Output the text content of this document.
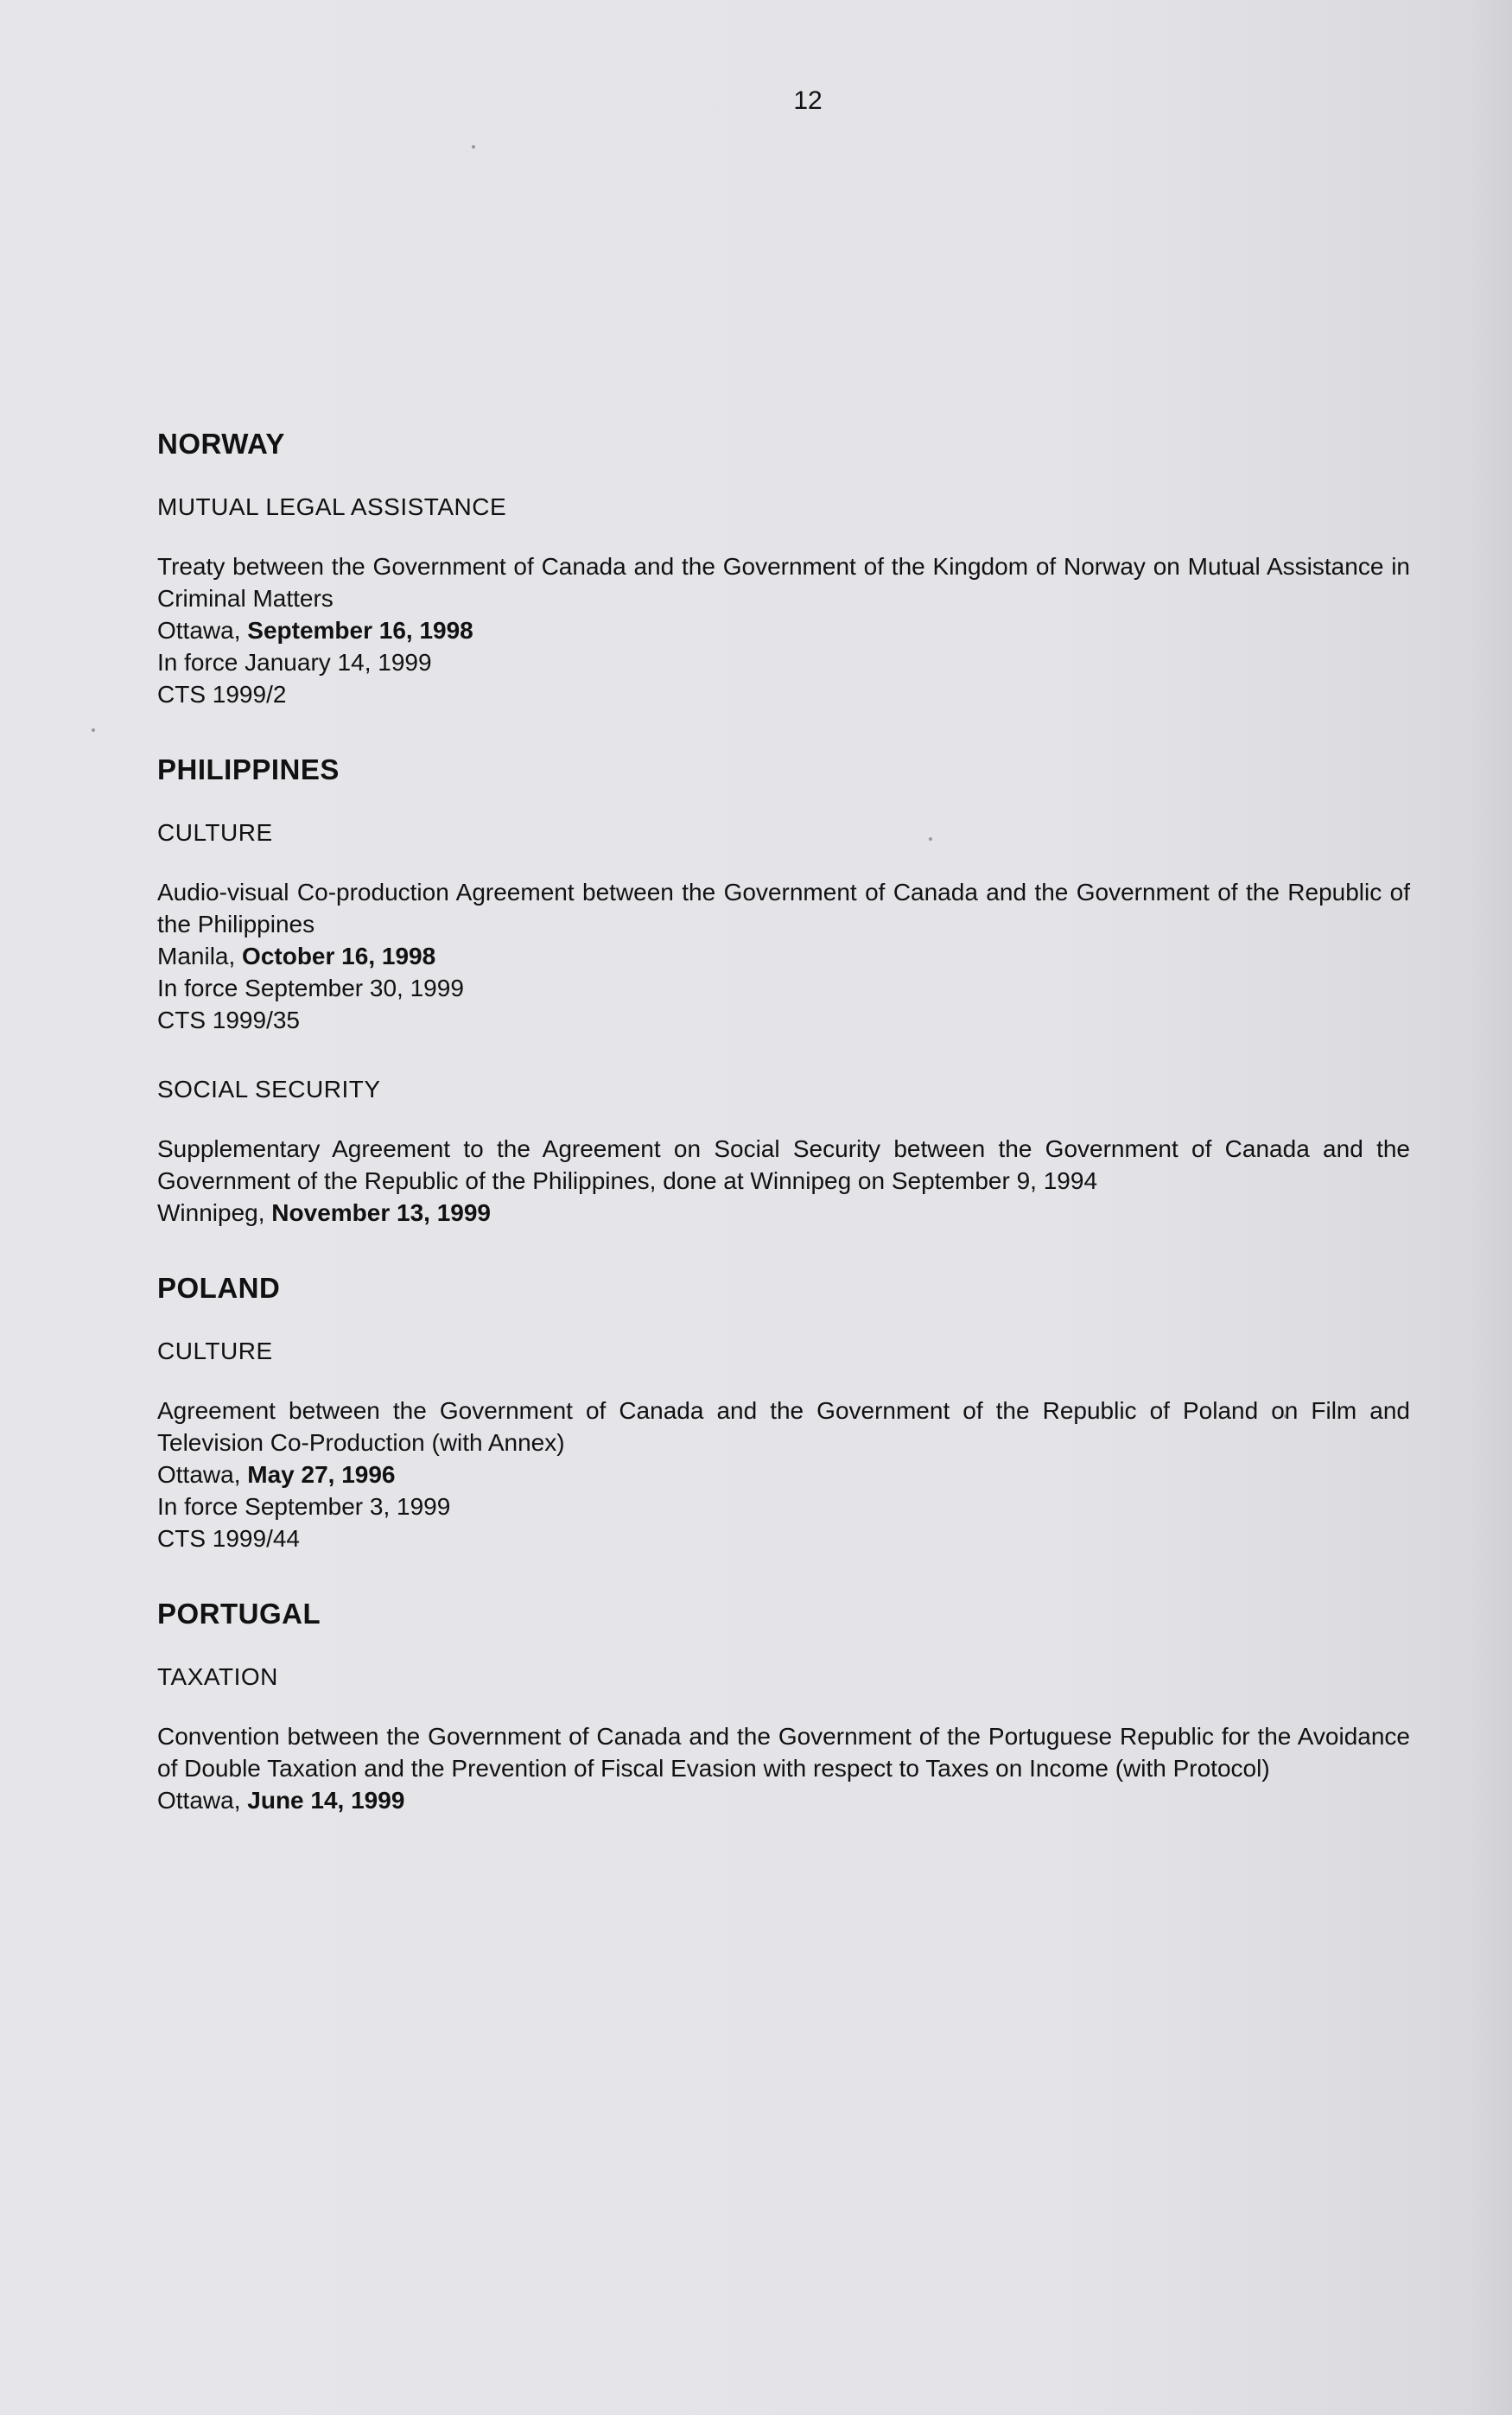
12
NORWAY
MUTUAL LEGAL ASSISTANCE

Treaty between the Government of Canada and the Government of the Kingdom of Norway on Mutual Assistance in Criminal Matters

Ottawa, September 16, 1998

In force January 14, 1999

CTS 1999/2

PHILIPPINES
CULTURE

Audio-visual Co-production Agreement between the Government of Canada and the Government of the Republic of the Philippines

Manila, October 16, 1998

In force September 30, 1999

CTS 1999/35

SOCIAL SECURITY

Supplementary Agreement to the Agreement on Social Security between the Government of Canada and the Government of the Republic of the Philippines, done at Winnipeg on September 9, 1994

Winnipeg, November 13, 1999

POLAND
CULTURE

Agreement between the Government of Canada and the Government of the Republic of Poland on Film and Television Co-Production (with Annex)

Ottawa, May 27, 1996

In force September 3, 1999

CTS 1999/44

PORTUGAL
TAXATION

Convention between the Government of Canada and the Government of the Portuguese Republic for the Avoidance of Double Taxation and the Prevention of Fiscal Evasion with respect to Taxes on Income (with Protocol)

Ottawa, June 14, 1999
